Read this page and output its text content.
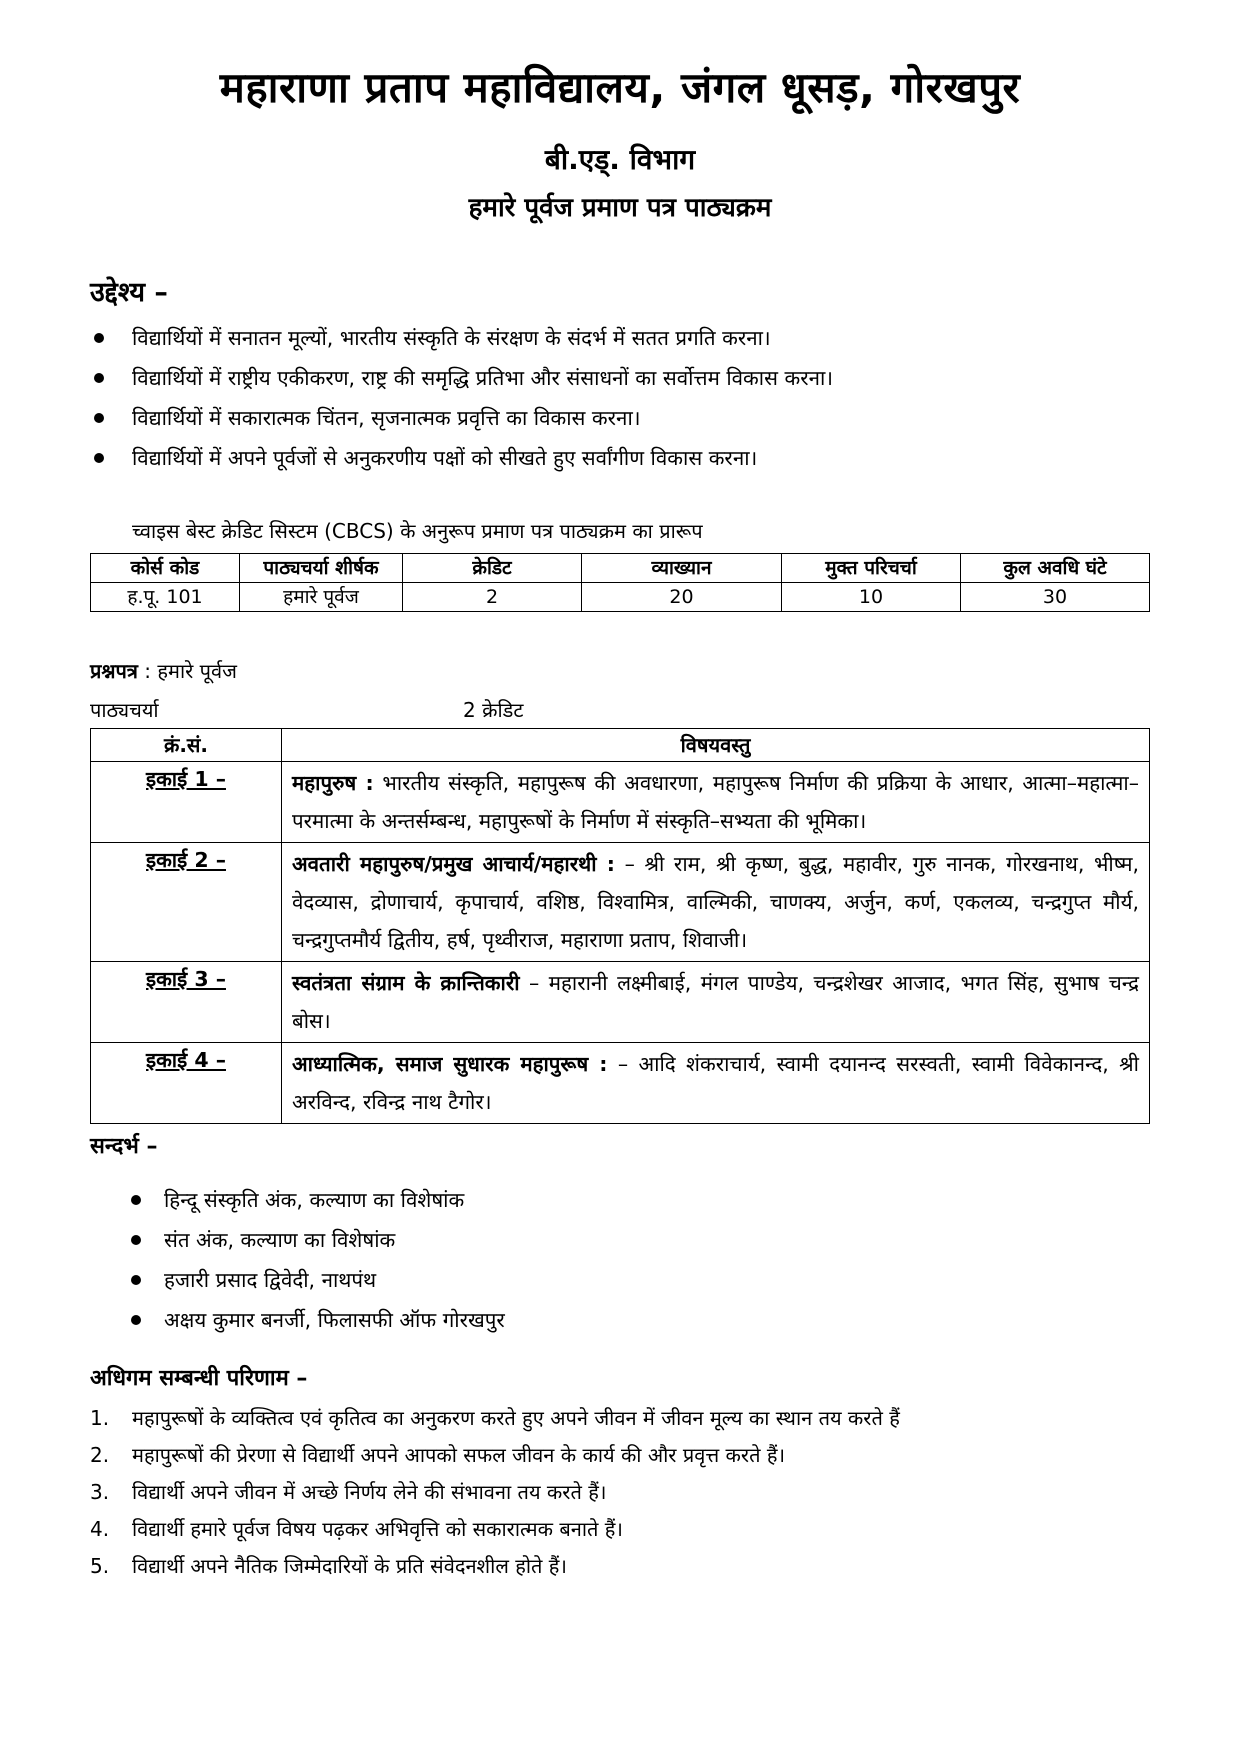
महाराणा प्रताप महाविद्यालय, जंगल धूसड़, गोरखपुर
बी.एड्. विभाग
हमारे पूर्वज प्रमाण पत्र पाठ्यक्रम
उद्देश्य –
विद्यार्थियों में सनातन मूल्यों, भारतीय संस्कृति के संरक्षण के संदर्भ में सतत प्रगति करना।
विद्यार्थियों में राष्ट्रीय एकीकरण, राष्ट्र की समृद्धि प्रतिभा और संसाधनों का सर्वोत्तम विकास करना।
विद्यार्थियों में सकारात्मक चिंतन, सृजनात्मक प्रवृत्ति का विकास करना।
विद्यार्थियों में अपने पूर्वजों से अनुकरणीय पक्षों को सीखते हुए सर्वांगीण विकास करना।
च्वाइस बेस्ट क्रेडिट सिस्टम (CBCS) के अनुरूप प्रमाण पत्र पाठ्यक्रम का प्रारूप
कोर्स कोड	पाठ्यचर्या शीर्षक	क्रेडिट	व्याख्यान	मुक्त परिचर्चा	कुल अवधि घंटे
ह.पू. 101	हमारे पूर्वज	2	20	10	30
प्रश्नपत्र : हमारे पूर्वज
पाठ्यचर्या	2 क्रेडिट
क्रं.सं.	विषयवस्तु
इकाई 1 –	महापुरुष : भारतीय संस्कृति, महापुरूष की अवधारणा, महापुरूष निर्माण की प्रक्रिया के आधार, आत्मा–महात्मा–परमात्मा के अन्तर्सम्बन्ध, महापुरूषों के निर्माण में संस्कृति–सभ्यता की भूमिका।
इकाई 2 –	अवतारी महापुरुष/प्रमुख आचार्य/महारथी : – श्री राम, श्री कृष्ण, बुद्ध, महावीर, गुरु नानक, गोरखनाथ, भीष्म, वेदव्यास, द्रोणाचार्य, कृपाचार्य, वशिष्ठ, विश्वामित्र, वाल्मिकी, चाणक्य, अर्जुन, कर्ण, एकलव्य, चन्द्रगुप्त मौर्य, चन्द्रगुप्तमौर्य द्वितीय, हर्ष, पृथ्वीराज, महाराणा प्रताप, शिवाजी।
इकाई 3 –	स्वतंत्रता संग्राम के क्रान्तिकारी – महारानी लक्ष्मीबाई, मंगल पाण्डेय, चन्द्रशेखर आजाद, भगत सिंह, सुभाष चन्द्र बोस।
इकाई 4 –	आध्यात्मिक, समाज सुधारक महापुरूष : – आदि शंकराचार्य, स्वामी दयानन्द सरस्वती, स्वामी विवेकानन्द, श्री अरविन्द, रविन्द्र नाथ टैगोर।
सन्दर्भ –
हिन्दू संस्कृति अंक, कल्याण का विशेषांक
संत अंक, कल्याण का विशेषांक
हजारी प्रसाद द्विवेदी, नाथपंथ
अक्षय कुमार बनर्जी, फिलासफी ऑफ गोरखपुर
अधिगम सम्बन्धी परिणाम –
1. महापुरूषों के व्यक्तित्व एवं कृतित्व का अनुकरण करते हुए अपने जीवन में जीवन मूल्य का स्थान तय करते हैं
2. महापुरूषों की प्रेरणा से विद्यार्थी अपने आपको सफल जीवन के कार्य की और प्रवृत्त करते हैं।
3. विद्यार्थी अपने जीवन में अच्छे निर्णय लेने की संभावना तय करते हैं।
4. विद्यार्थी हमारे पूर्वज विषय पढ़कर अभिवृत्ति को सकारात्मक बनाते हैं।
5. विद्यार्थी अपने नैतिक जिम्मेदारियों के प्रति संवेदनशील होते हैं।
